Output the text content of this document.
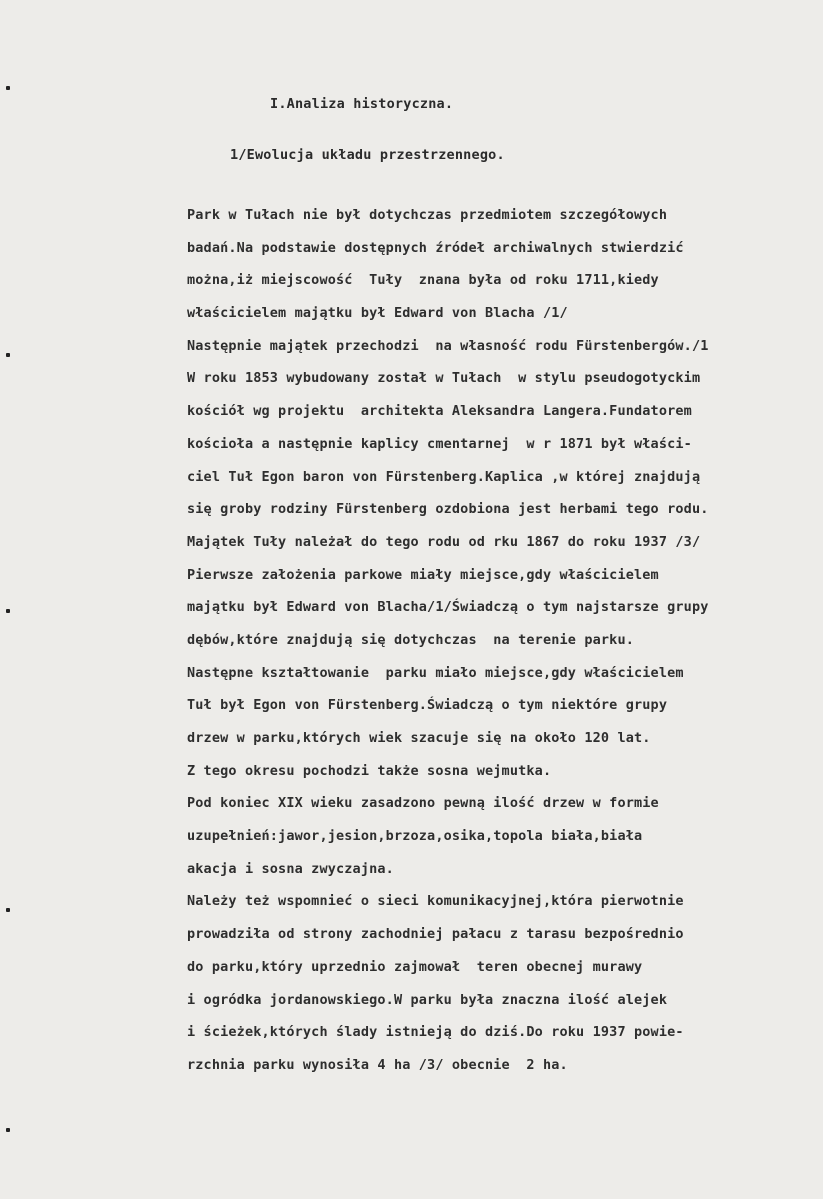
I.Analiza historyczna.
1/Ewolucja układu przestrzennego.
Park w Tułach nie był dotychczas przedmiotem szczegółowych
badań.Na podstawie dostępnych źródeł archiwalnych stwierdzić
można,iż miejscowość  Tuły  znana była od roku 1711,kiedy
właścicielem majątku był Edward von Blacha /1/
Następnie majątek przechodzi  na własność rodu Fürstenbergów./1
W roku 1853 wybudowany został w Tułach  w stylu pseudogotyckim
kościół wg projektu  architekta Aleksandra Langera.Fundatorem
kościoła a następnie kaplicy cmentarnej  w r 1871 był właści-
ciel Tuł Egon baron von Fürstenberg.Kaplica ,w której znajdują
się groby rodziny Fürstenberg ozdobiona jest herbami tego rodu.
Majątek Tuły należał do tego rodu od rku 1867 do roku 1937 /3/
Pierwsze założenia parkowe miały miejsce,gdy właścicielem
majątku był Edward von Blacha/1/Świadczą o tym najstarsze grupy
dębów,które znajdują się dotychczas  na terenie parku.
Następne kształtowanie  parku miało miejsce,gdy właścicielem
Tuł był Egon von Fürstenberg.Świadczą o tym niektóre grupy
drzew w parku,których wiek szacuje się na około 120 lat.
Z tego okresu pochodzi także sosna wejmutka.
Pod koniec XIX wieku zasadzono pewną ilość drzew w formie
uzupełnień:jawor,jesion,brzoza,osika,topola biała,biała
akacja i sosna zwyczajna.
Należy też wspomnieć o sieci komunikacyjnej,która pierwotnie
prowadziła od strony zachodniej pałacu z tarasu bezpośrednio
do parku,który uprzednio zajmował  teren obecnej murawy
i ogródka jordanowskiego.W parku była znaczna ilość alejek
i ścieżek,których ślady istnieją do dziś.Do roku 1937 powie-
rzchnia parku wynosiła 4 ha /3/ obecnie  2 ha.
